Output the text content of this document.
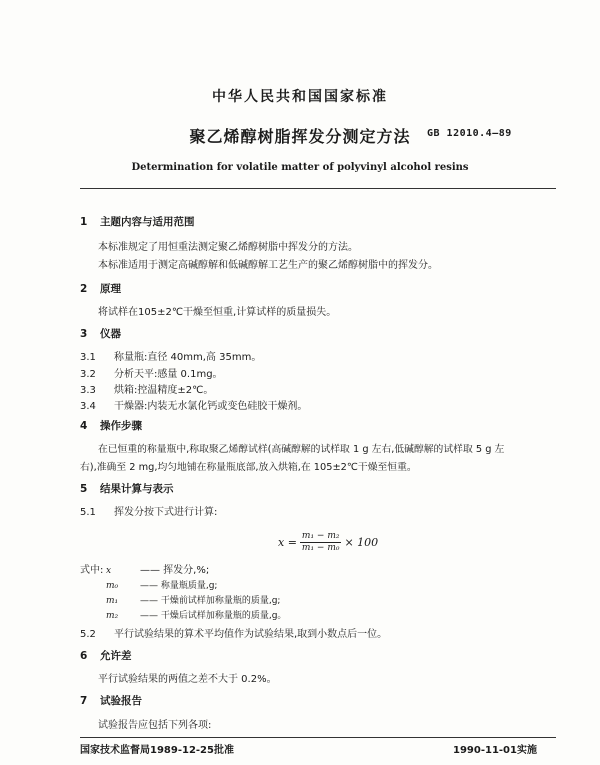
中华人民共和国国家标准
聚乙烯醇树脂挥发分测定方法	GB 12010.4—89
Determination for volatile matter of polyvinyl alcohol resins
1 主题内容与适用范围
本标准规定了用恒重法测定聚乙烯醇树脂中挥发分的方法。
本标准适用于测定高碱醇解和低碱醇解工艺生产的聚乙烯醇树脂中的挥发分。
2 原理
将试样在105±2℃干燥至恒重,计算试样的质量损失。
3 仪器
3.1 称量瓶:直径 40mm,高 35mm。
3.2 分析天平:感量 0.1mg。
3.3 烘箱:控温精度±2℃。
3.4 干燥器:内装无水氯化钙或变色硅胶干燥剂。
4 操作步骤
在已恒重的称量瓶中,称取聚乙烯醇试样(高碱醇解的试样取 1 g 左右,低碱醇解的试样取 5 g 左
右),准确至 2 mg,均匀地铺在称量瓶底部,放入烘箱,在 105±2℃干燥至恒重。
5 结果计算与表示
5.1 挥发分按下式进行计算:
$x = \frac{\text{m₁ − m₂}}{\text{m₁ − m₀}} \times 100$
式中: x	—— 挥发分,%;
m₀ —— 称量瓶质量,g;
m₁ —— 干燥前试样加称量瓶的质量,g;
m₂ —— 干燥后试样加称量瓶的质量,g。
5.2 平行试验结果的算术平均值作为试验结果,取到小数点后一位。
6 允许差
平行试验结果的两值之差不大于 0.2%。
7 试验报告
试验报告应包括下列各项:
国家技术监督局1989-12-25批准	1990-11-01实施
